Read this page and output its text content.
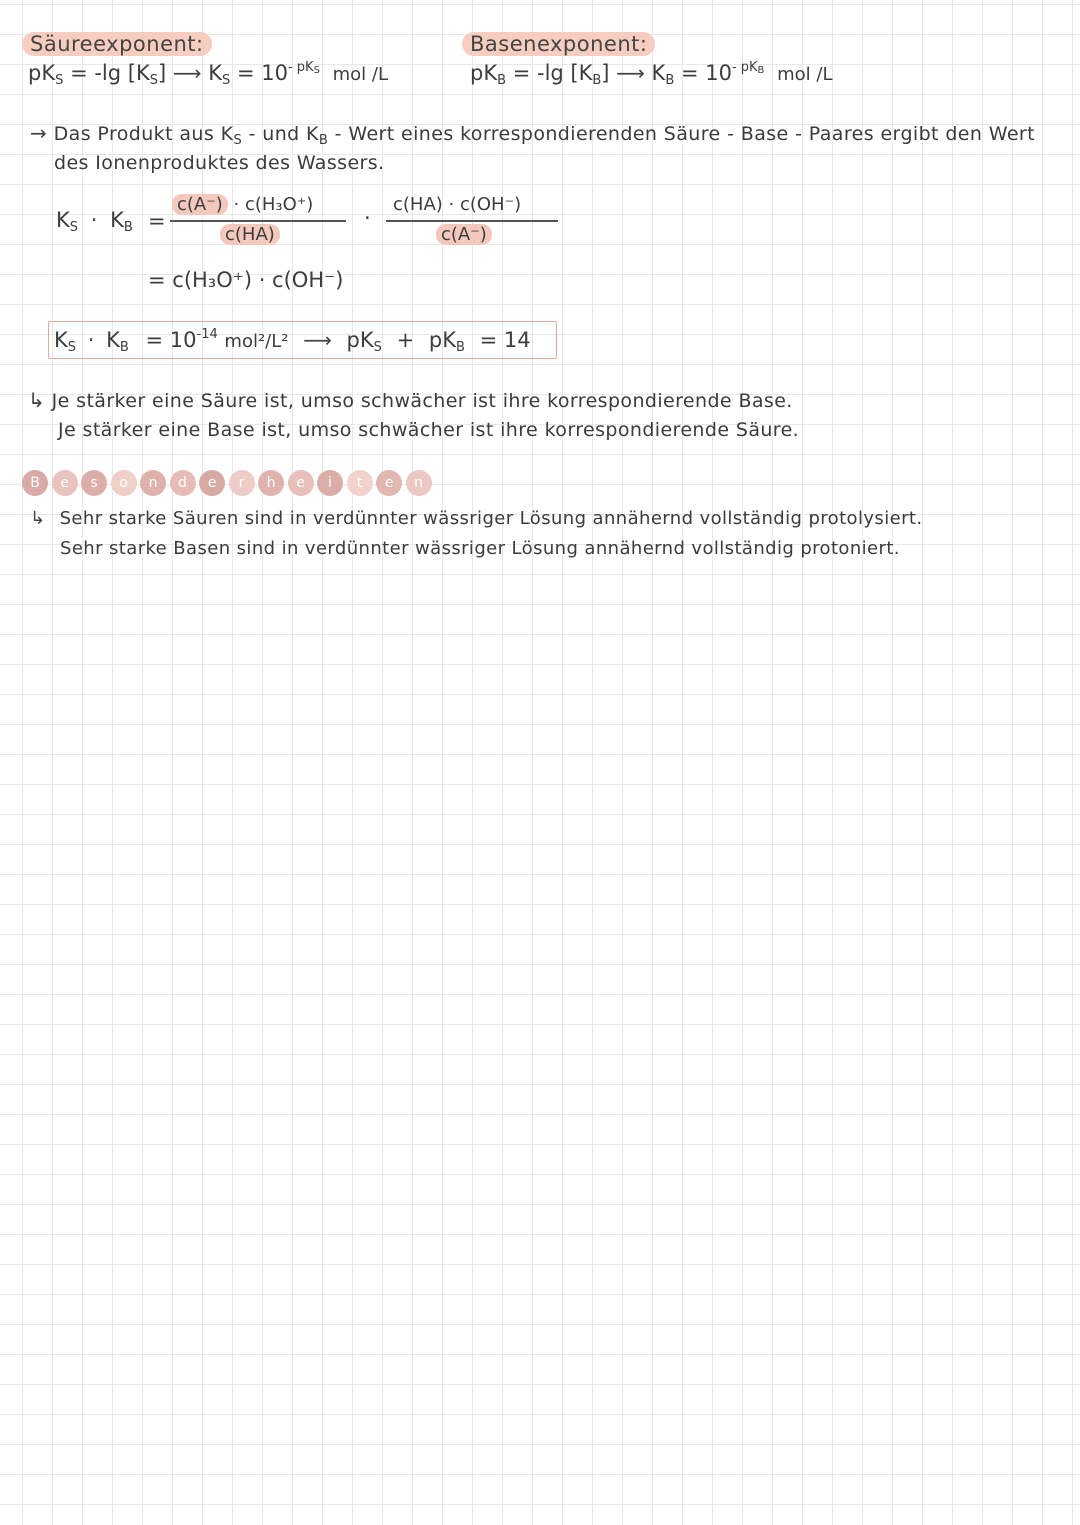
Säureexponent:
$pK_S = -\lg$ $[K_S]$ ⟶ $K_S = 10^{- pK_S}$ mol /L
Basenexponent:
$pK_B = -\lg$ $[K_B]$ ⟶ $K_B = 10^{- pK_B}$ mol /L
→ Das Produkt aus $K_S$ - und $K_B$ - Wert eines korrespondierenden Säure - Base - Paares ergibt den Wert
des Ionenproduktes des Wassers.
$K_S \cdot K_B$ =
c(A⁻) · c(H₃O⁺)
c(HA)
·
c(HA) · c(OH⁻)
c(A⁻)
= c(H₃O⁺) · c(OH⁻)
$K_S \cdot K_B = 10^{-14}$ mol²/L² ⟶ $pK_S + pK_B = 14$
↳ Je stärker eine Säure ist, umso schwächer ist ihre korrespondierende Base.
Je stärker eine Base ist, umso schwächer ist ihre korrespondierende Säure.
B	e	s	o	n	d	e	r	h	e	i	t	e	n
↳ Sehr starke Säuren sind in verdünnter wässriger Lösung annähernd vollständig protolysiert.
Sehr starke Basen sind in verdünnter wässriger Lösung annähernd vollständig protoniert.
